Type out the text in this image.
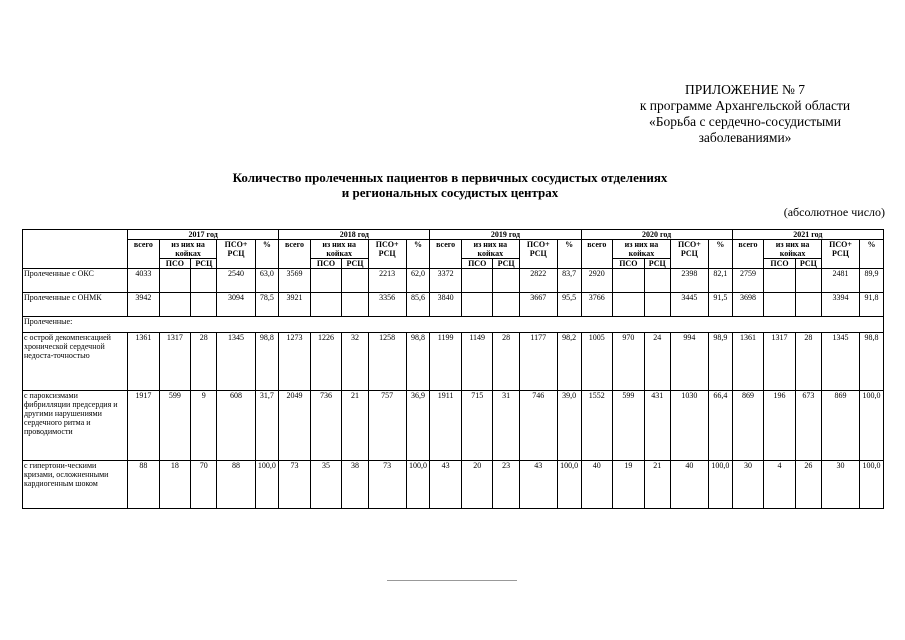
ПРИЛОЖЕНИЕ № 7
к программе Архангельской области
«Борьба с сердечно-сосудистыми
заболеваниями»
Количество пролеченных пациентов в первичных сосудистых отделениях
и региональных сосудистых центрах
(абсолютное число)
	2017 год					2018 год					2019 год					2020 год					2021 год				
	всего	из них на койках		ПСО+ РСЦ	%	всего	из них на койках		ПСО+ РСЦ	%	всего	из них на койках		ПСО+ РСЦ	%	всего	из них на койках		ПСО+ РСЦ	%	всего	из них на койках		ПСО+ РСЦ	%
		ПСО	РСЦ				ПСО	РСЦ				ПСО	РСЦ				ПСО	РСЦ				ПСО	РСЦ		
Пролеченные с ОКС	4033			2540	63,0	3569			2213	62,0	3372			2822	83,7	2920			2398	82,1	2759			2481	89,9
Пролеченные с ОНМК	3942			3094	78,5	3921			3356	85,6	3840			3667	95,5	3766			3445	91,5	3698			3394	91,8
Пролеченные:																									
с острой декомпенсацией хронической сердечной недоста-точностью	1361	1317	28	1345	98,8	1273	1226	32	1258	98,8	1199	1149	28	1177	98,2	1005	970	24	994	98,9	1361	1317	28	1345	98,8
с пароксизмами фибрилляции предсердия и другими нарушениями сердечного ритма и проводимости	1917	599	9	608	31,7	2049	736	21	757	36,9	1911	715	31	746	39,0	1552	599	431	1030	66,4	869	196	673	869	100,0
с гипертони-ческими кризами, осложненными кардиогенным шоком	88	18	70	88	100,0	73	35	38	73	100,0	43	20	23	43	100,0	40	19	21	40	100,0	30	4	26	30	100,0
